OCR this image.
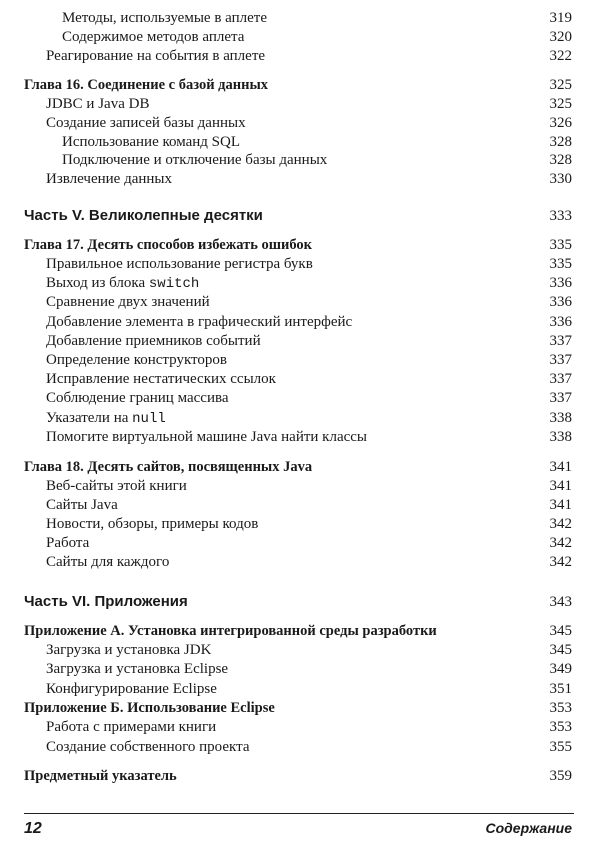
Методы, используемые в аплете	319
Содержимое методов аплета	320
Реагирование на события в аплете	322
Глава 16. Соединение с базой данных	325
JDBC и Java DB	325
Создание записей базы данных	326
Использование команд SQL	328
Подключение и отключение базы данных	328
Извлечение данных	330
Часть V. Великолепные десятки	333
Глава 17. Десять способов избежать ошибок	335
Правильное использование регистра букв	335
Выход из блока switch	336
Сравнение двух значений	336
Добавление элемента в графический интерфейс	336
Добавление приемников событий	337
Определение конструкторов	337
Исправление нестатических ссылок	337
Соблюдение границ массива	337
Указатели на null	338
Помогите виртуальной машине Java найти классы	338
Глава 18. Десять сайтов, посвященных Java	341
Веб-сайты этой книги	341
Сайты Java	341
Новости, обзоры, примеры кодов	342
Работа	342
Сайты для каждого	342
Часть VI. Приложения	343
Приложение А. Установка интегрированной среды разработки	345
Загрузка и установка JDK	345
Загрузка и установка Eclipse	349
Конфигурирование Eclipse	351
Приложение Б. Использование Eclipse	353
Работа с примерами книги	353
Создание собственного проекта	355
Предметный указатель	359
12	Содержание
